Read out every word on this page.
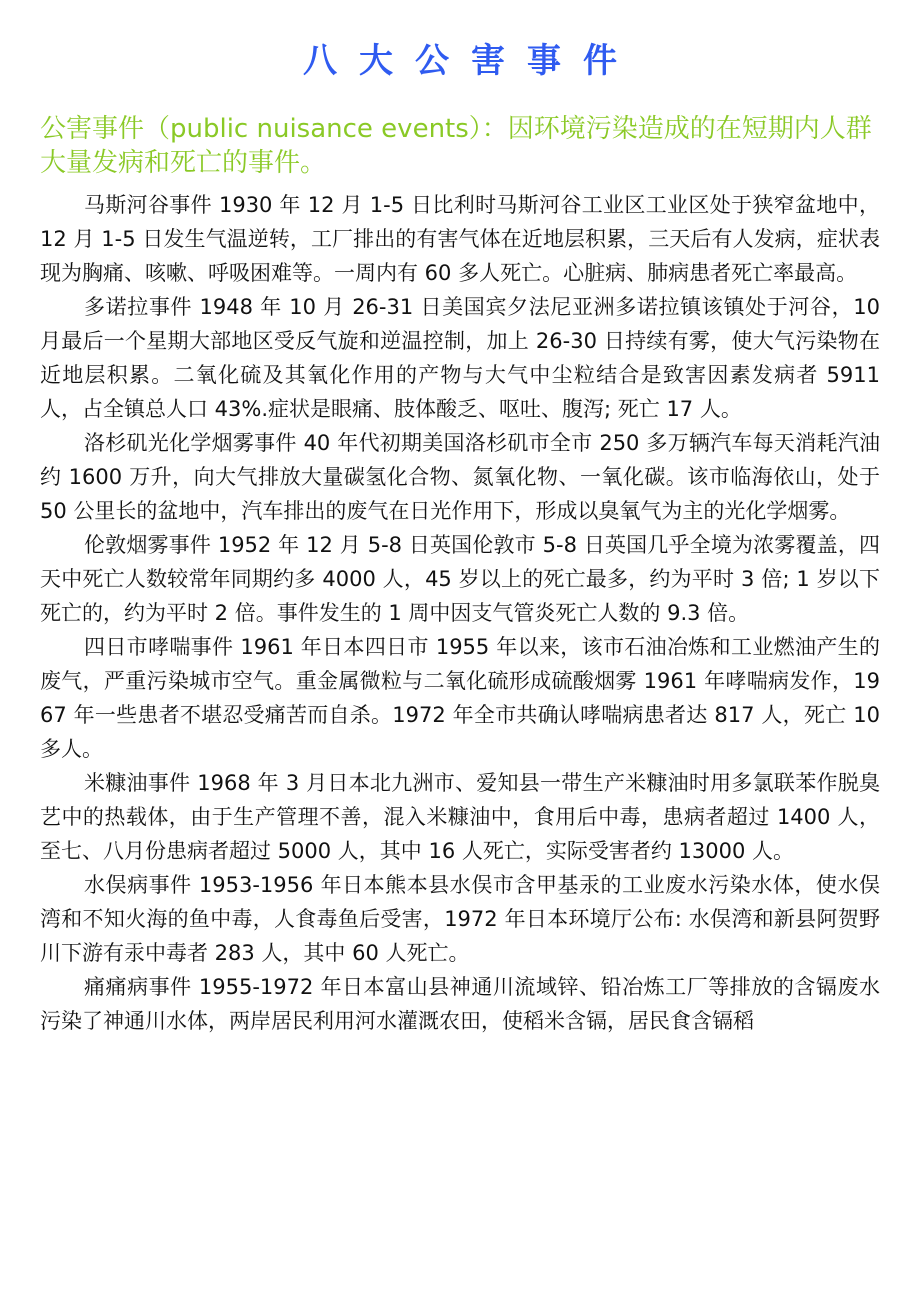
八大公害事件
公害事件（public nuisance events）：因环境污染造成的在短期内人群大量发病和死亡的事件。

马斯河谷事件 1930 年 12 月 1-5 日比利时马斯河谷工业区工业区处于狭窄盆地中，12 月 1-5 日发生气温逆转，工厂排出的有害气体在近地层积累，三天后有人发病，症状表现为胸痛、咳嗽、呼吸困难等。一周内有 60 多人死亡。心脏病、肺病患者死亡率最高。

多诺拉事件 1948 年 10 月 26-31 日美国宾夕法尼亚洲多诺拉镇该镇处于河谷，10 月最后一个星期大部地区受反气旋和逆温控制，加上 26-30 日持续有雾，使大气污染物在近地层积累。二氧化硫及其氧化作用的产物与大气中尘粒结合是致害因素发病者 5911 人，占全镇总人口 43%.症状是眼痛、肢体酸乏、呕吐、腹泻; 死亡 17 人。

洛杉矶光化学烟雾事件 40 年代初期美国洛杉矶市全市 250 多万辆汽车每天消耗汽油约 1600 万升，向大气排放大量碳氢化合物、氮氧化物、一氧化碳。该市临海依山，处于 50 公里长的盆地中，汽车排出的废气在日光作用下，形成以臭氧气为主的光化学烟雾。

伦敦烟雾事件 1952 年 12 月 5-8 日英国伦敦市 5-8 日英国几乎全境为浓雾覆盖，四天中死亡人数较常年同期约多 4000 人，45 岁以上的死亡最多，约为平时 3 倍; 1 岁以下死亡的，约为平时 2 倍。事件发生的 1 周中因支气管炎死亡人数的 9.3 倍。

四日市哮喘事件 1961 年日本四日市 1955 年以来，该市石油冶炼和工业燃油产生的废气，严重污染城市空气。重金属微粒与二氧化硫形成硫酸烟雾 1961 年哮喘病发作，1967 年一些患者不堪忍受痛苦而自杀。1972 年全市共确认哮喘病患者达 817 人，死亡 10 多人。

米糠油事件 1968 年 3 月日本北九洲市、爱知县一带生产米糠油时用多氯联苯作脱臭艺中的热载体，由于生产管理不善，混入米糠油中，食用后中毒，患病者超过 1400 人，至七、八月份患病者超过 5000 人，其中 16 人死亡，实际受害者约 13000 人。

水俣病事件 1953-1956 年日本熊本县水俣市含甲基汞的工业废水污染水体，使水俣湾和不知火海的鱼中毒，人食毒鱼后受害，1972 年日本环境厅公布: 水俣湾和新县阿贺野川下游有汞中毒者 283 人，其中 60 人死亡。

痛痛病事件 1955-1972 年日本富山县神通川流域锌、铅冶炼工厂等排放的含镉废水污染了神通川水体，两岸居民利用河水灌溉农田，使稻米含镉，居民食含镉稻
